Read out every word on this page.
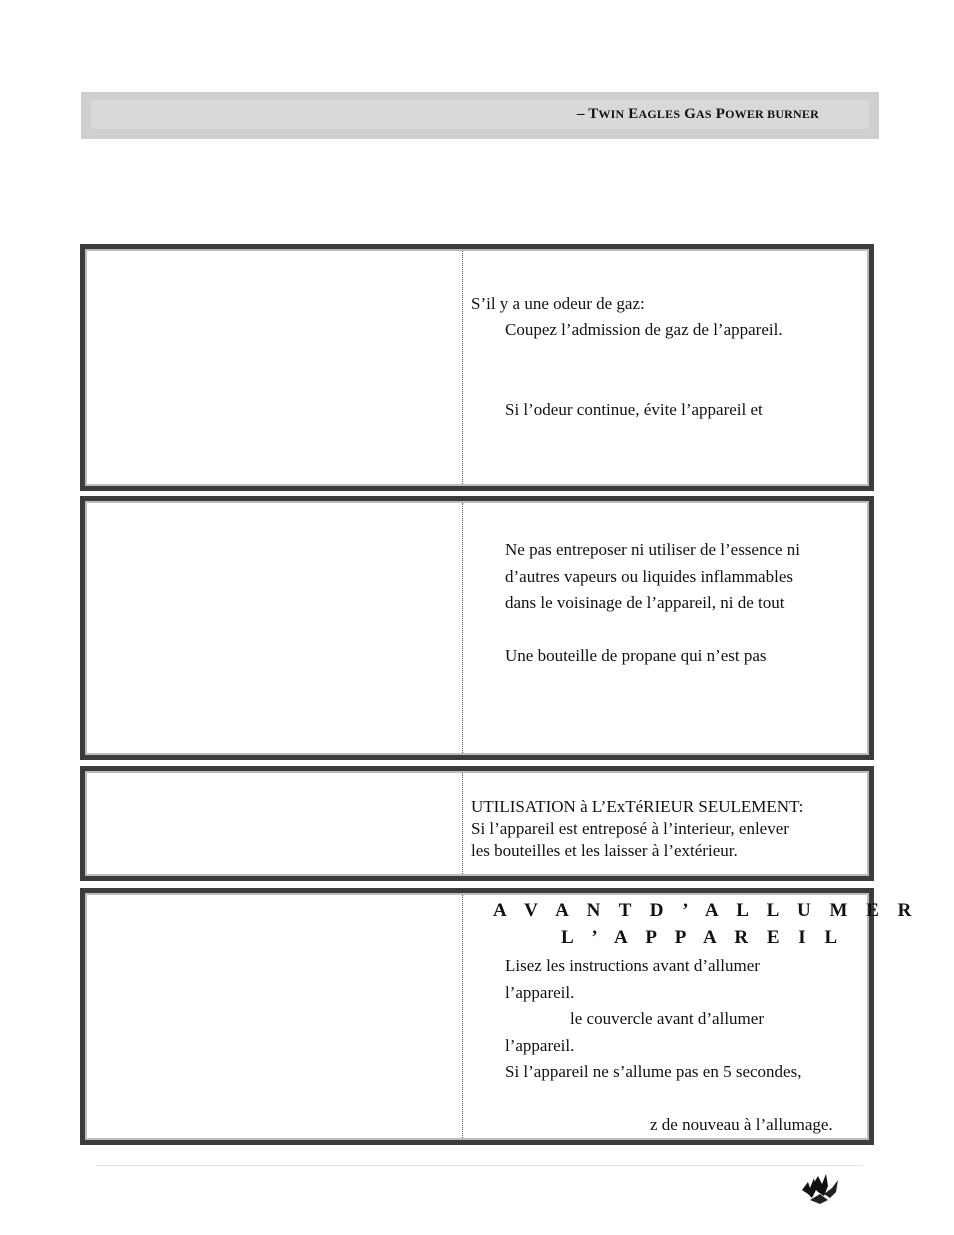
– TWIN EAGLES GAS POWER BURNER
S’il y a une odeur de gaz:
Coupez l’admission de gaz de l’appareil.
Si l’odeur continue, évite l’appareil et
Ne pas entreposer ni utiliser de l’essence ni
d’autres vapeurs ou liquides inflammables
dans le voisinage de l’appareil, ni de tout
Une bouteille de propane qui n’est pas
UTILISATION à L’ExTéRIEUR SEULEMENT:
Si l’appareil est entreposé à l’interieur, enlever
les bouteilles et les laisser à l’extérieur.
A V A N T D ’ A L L U M E R
L ’ A P P A R E I L
Lisez les instructions avant d’allumer
l’appareil.
le couvercle avant d’allumer
l’appareil.
Si l’appareil ne s’allume pas en 5 secondes,
z de nouveau à l’allumage.
